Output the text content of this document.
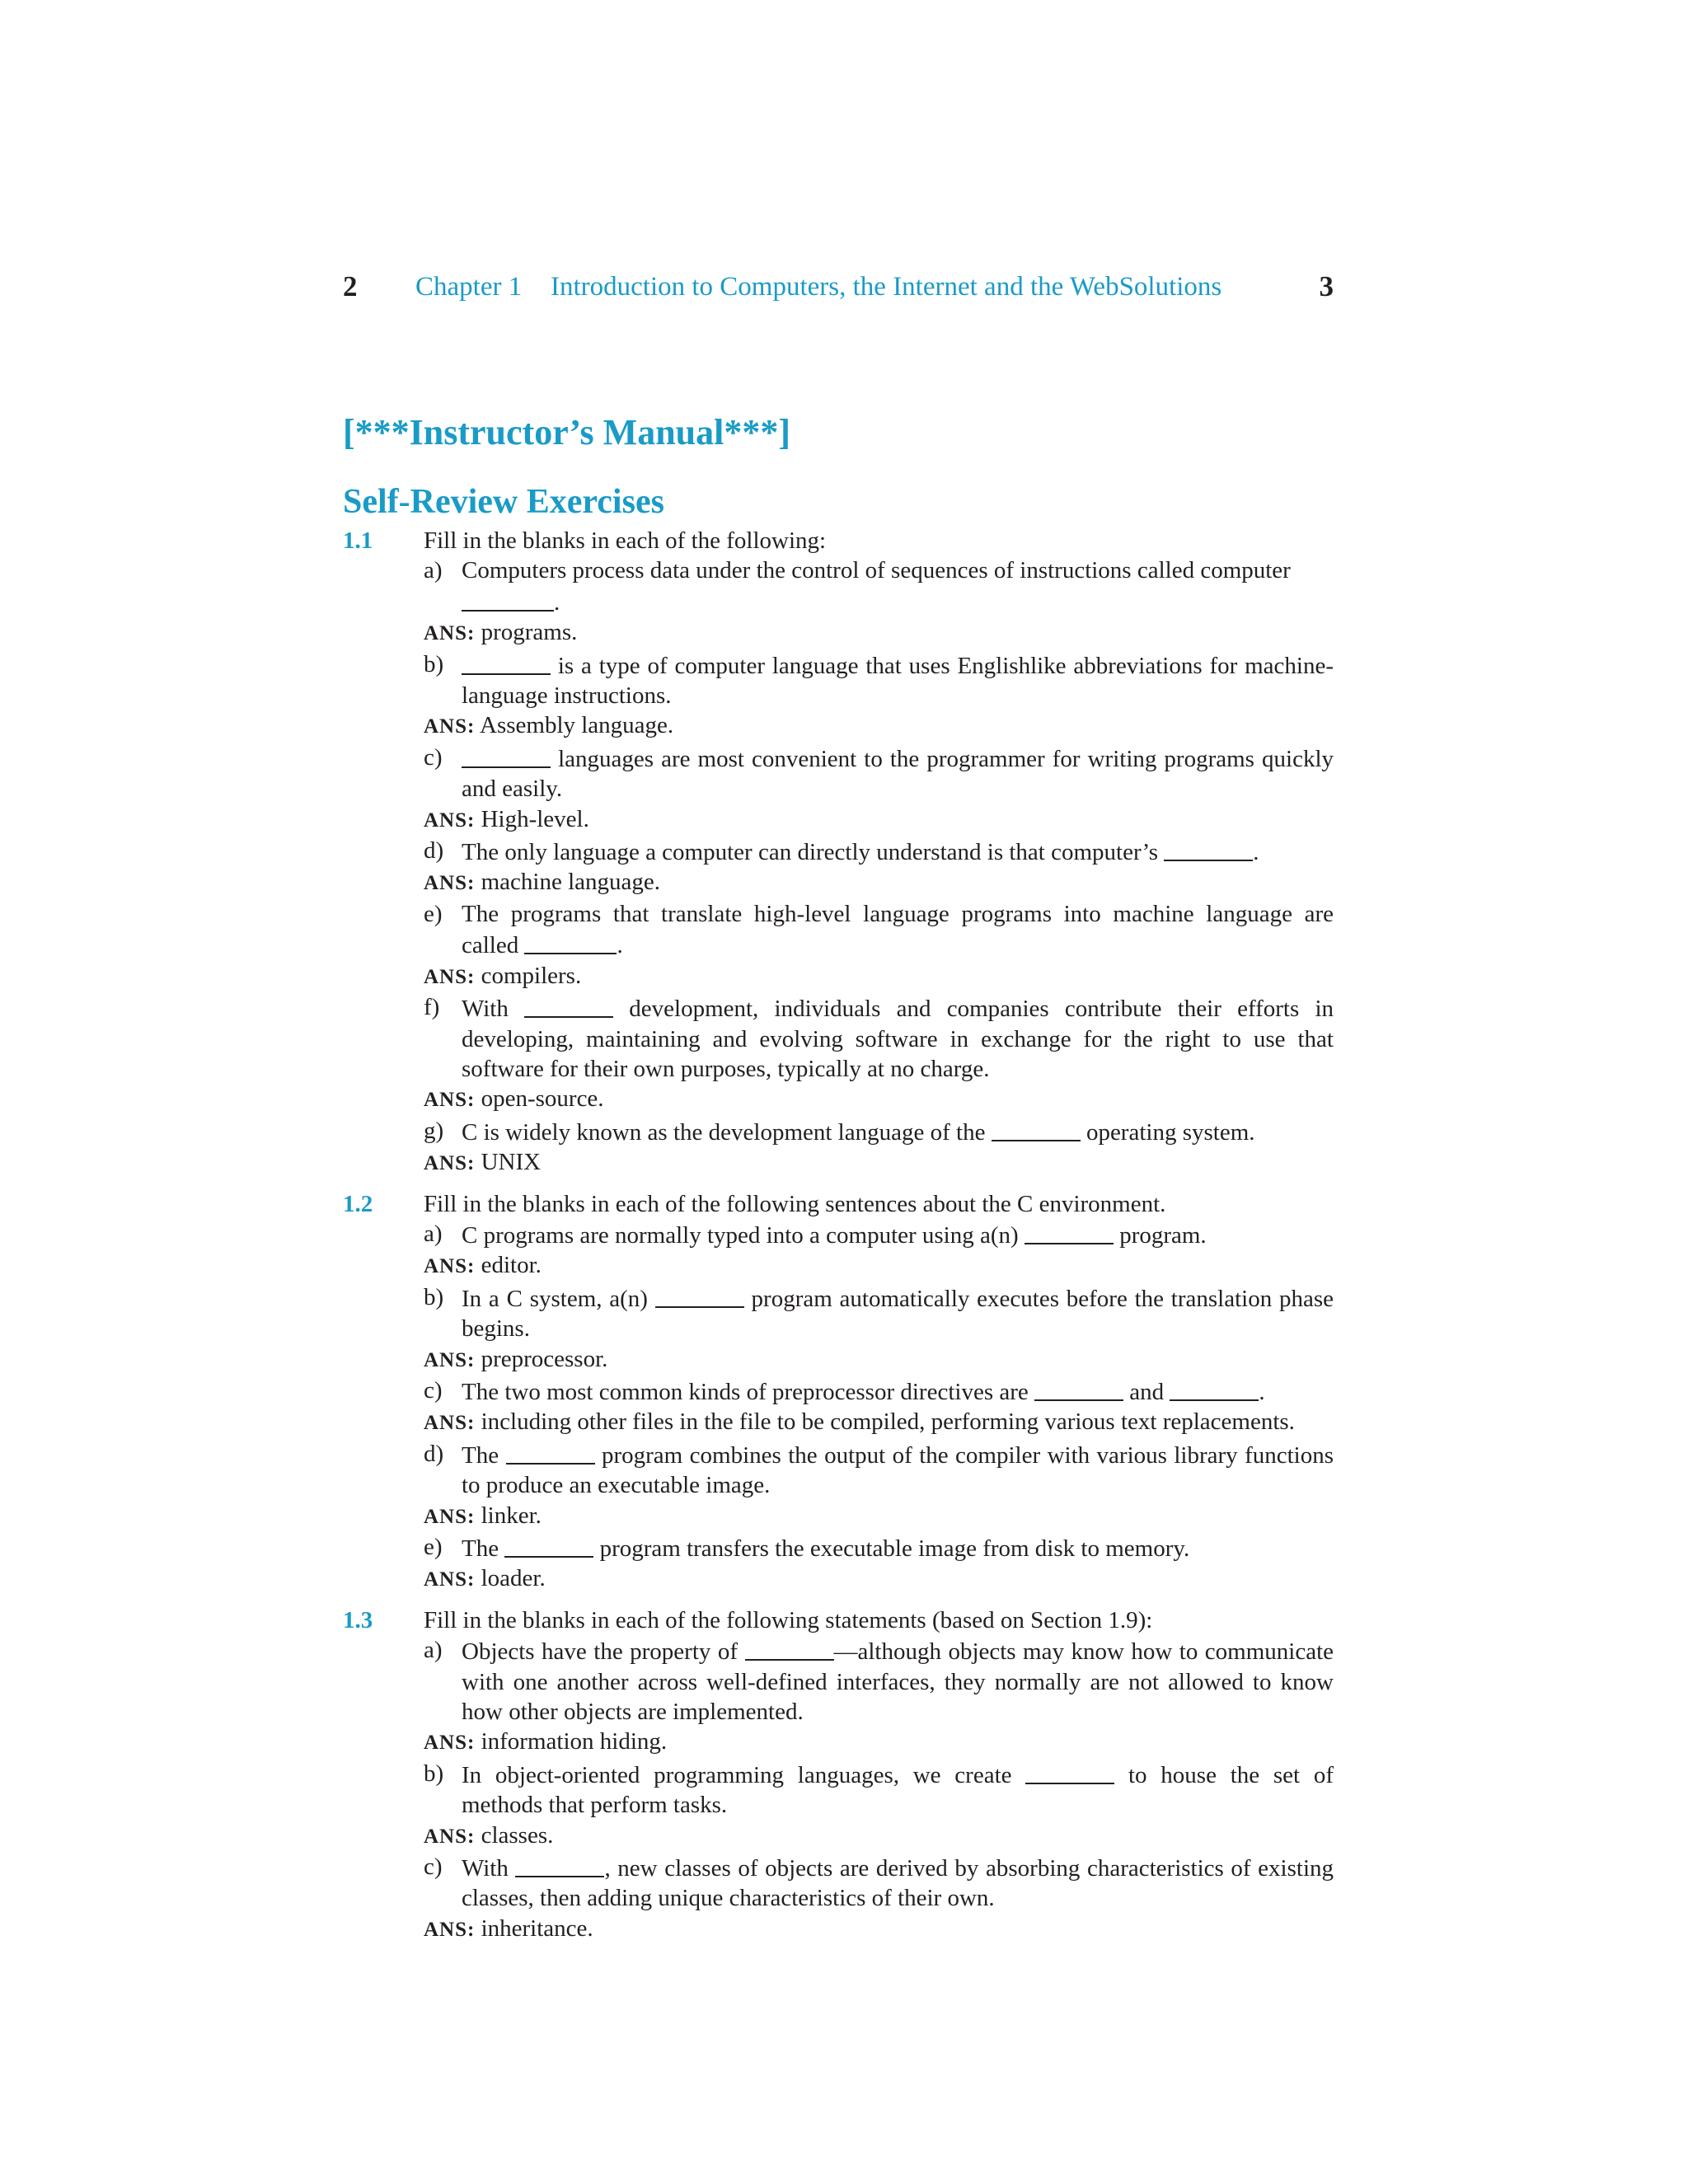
2 Chapter 1 Introduction to Computers, the Internet and the WebSolutions	3
[***Instructor’s Manual***]
Self-Review Exercises

1.1 Fill in the blanks in each of the following:

a) Computers process data under the control of sequences of instructions called computer
.

ANS: programs.

b)	is a type of computer language that uses Englishlike abbreviations for machine-language instructions.

ANS: Assembly language.

c)	languages are most convenient to the programmer for writing programs quickly and easily.

ANS: High-level.

d) The only language a computer can directly understand is that computer’s	.

ANS: machine language.

e) The programs that translate high-level language programs into machine language are called	.

ANS: compilers.

f) With	development, individuals and companies contribute their efforts in developing, maintaining and evolving software in exchange for the right to use that software for their own purposes, typically at no charge.

ANS: open-source.

g) C is widely known as the development language of the	operating system.

ANS: UNIX

1.2 Fill in the blanks in each of the following sentences about the C environment.

a) C programs are normally typed into a computer using a(n)	program.

ANS: editor.

b) In a C system, a(n)	program automatically executes before the translation phase begins.

ANS: preprocessor.

c) The two most common kinds of preprocessor directives are	and	.

ANS: including other files in the file to be compiled, performing various text replacements.

d) The	program combines the output of the compiler with various library functions to produce an executable image.

ANS: linker.

e) The	program transfers the executable image from disk to memory.

ANS: loader.

1.3 Fill in the blanks in each of the following statements (based on Section 1.9):

a) Objects have the property of	—although objects may know how to communicate with one another across well-defined interfaces, they normally are not allowed to know how other objects are implemented.

ANS: information hiding.

b) In object-oriented programming languages, we create	to house the set of methods that perform tasks.

ANS: classes.

c) With	, new classes of objects are derived by absorbing characteristics of existing classes, then adding unique characteristics of their own.

ANS: inheritance.
